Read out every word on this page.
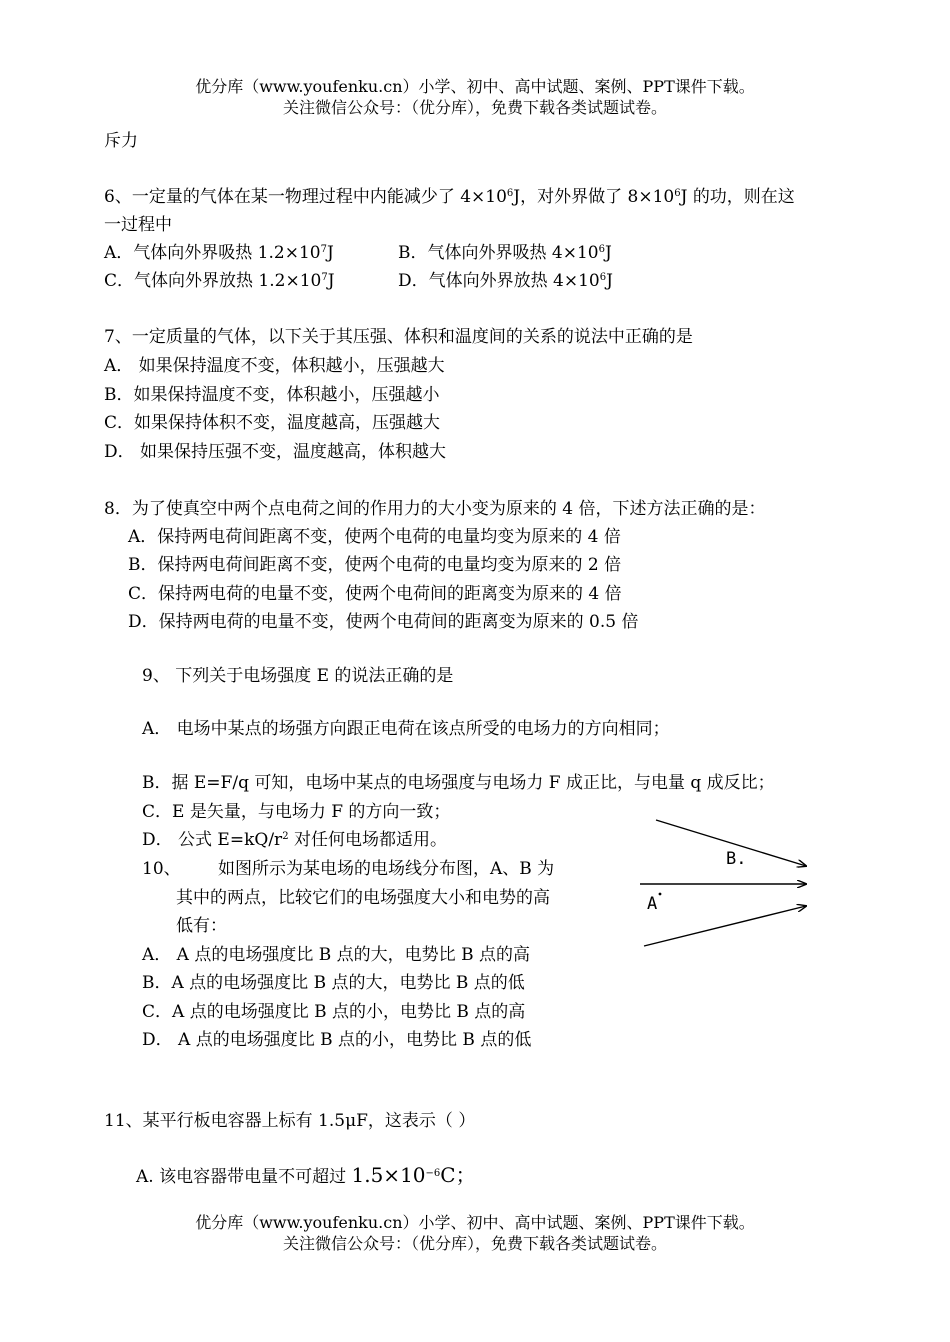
优分库（www.youfenku.cn）小学、初中、高中试题、案例、PPT课件下载。
关注微信公众号：（优分库），免费下载各类试题试卷。
斥力
6、一定量的气体在某一物理过程中内能减少了 $4\times 10^6J$，对外界做了 $8\times 10^6J$ 的功，则在这
一过程中
A．气体向外界吸热 $1.2\times 10^7J$	B．气体向外界吸热 $4\times 10^6J$
C．气体向外界放热 $1.2\times 10^7J$	D．气体向外界放热 $4\times 10^6J$
7、一定质量的气体，以下关于其压强、体积和温度间的关系的说法中正确的是
A． 如果保持温度不变，体积越小，压强越大
B．如果保持温度不变，体积越小，压强越小
C．如果保持体积不变，温度越高，压强越大
D． 如果保持压强不变，温度越高，体积越大
8．为了使真空中两个点电荷之间的作用力的大小变为原来的 4 倍，下述方法正确的是：
A．保持两电荷间距离不变，使两个电荷的电量均变为原来的 4 倍
B．保持两电荷间距离不变，使两个电荷的电量均变为原来的 2 倍
C．保持两电荷的电量不变，使两个电荷间的距离变为原来的 4 倍
D．保持两电荷的电量不变，使两个电荷间的距离变为原来的 0.5 倍
9、 下列关于电场强度 E 的说法正确的是
A． 电场中某点的场强方向跟正电荷在该点所受的电场力的方向相同；
B．据 E=F/q 可知，电场中某点的电场强度与电场力 F 成正比，与电量 q 成反比；
C．E 是矢量，与电场力 F 的方向一致；
D． 公式 $E=kQ/r^2$ 对任何电场都适用。
10、 如图所示为某电场的电场线分布图，A、B 为
其中的两点，比较它们的电场强度大小和电势的高
低有：
A． A 点的电场强度比 B 点的大，电势比 B 点的高
B．A 点的电场强度比 B 点的大，电势比 B 点的低
C．A 点的电场强度比 B 点的小，电势比 B 点的高
D． A 点的电场强度比 B 点的小，电势比 B 点的低
B.
A
11、某平行板电容器上标有 1.5μF，这表示（ ）
A. 该电容器带电量不可超过 $1.5\times 10^{-6}C$；
优分库（www.youfenku.cn）小学、初中、高中试题、案例、PPT课件下载。
关注微信公众号：（优分库），免费下载各类试题试卷。
